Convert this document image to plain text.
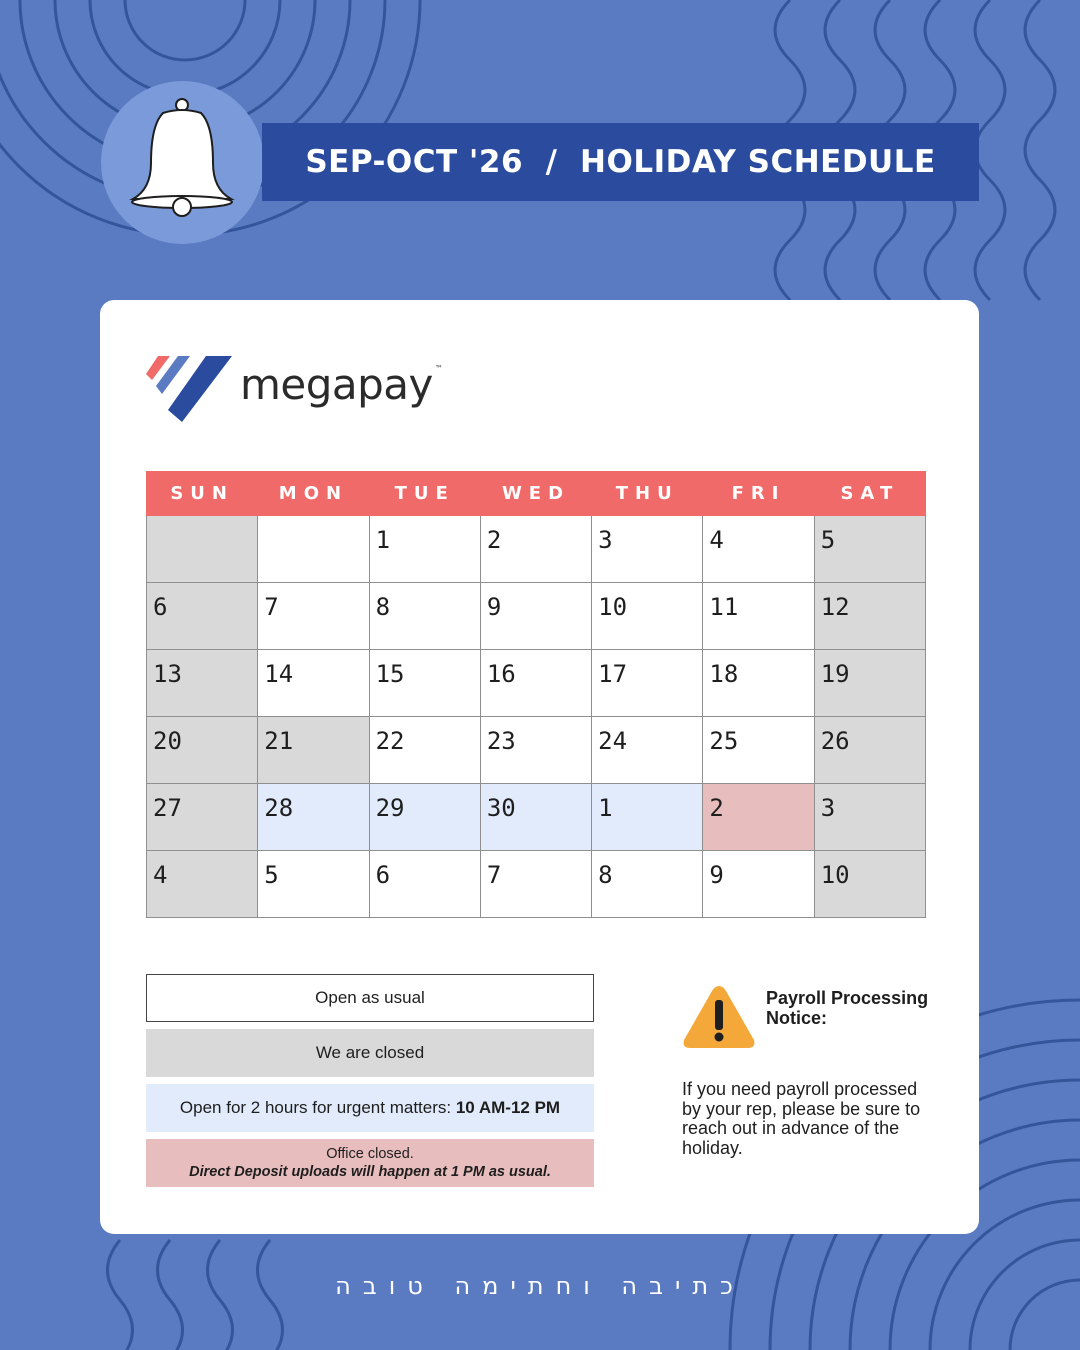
SEP-OCT '26  /  HOLIDAY SCHEDULE
megapay ™
SUN	MON	TUE	WED	THU	FRI	SAT

		1	2	3	4	5

6	7	8	9	10	11	12

13	14	15	16	17	18	19

20	21	22	23	24	25	26

27	28	29	30	1	2	3

4	5	6	7	8	9	10
Open as usual
We are closed
Open for 2 hours for urgent matters: 10 AM-12 PM
Office closed.
Direct Deposit uploads will happen at 1 PM as usual.
Payroll Processing Notice:
If you need payroll processed by your rep, please be sure to reach out in advance of the holiday.
כתיבה וחתימה טובה
